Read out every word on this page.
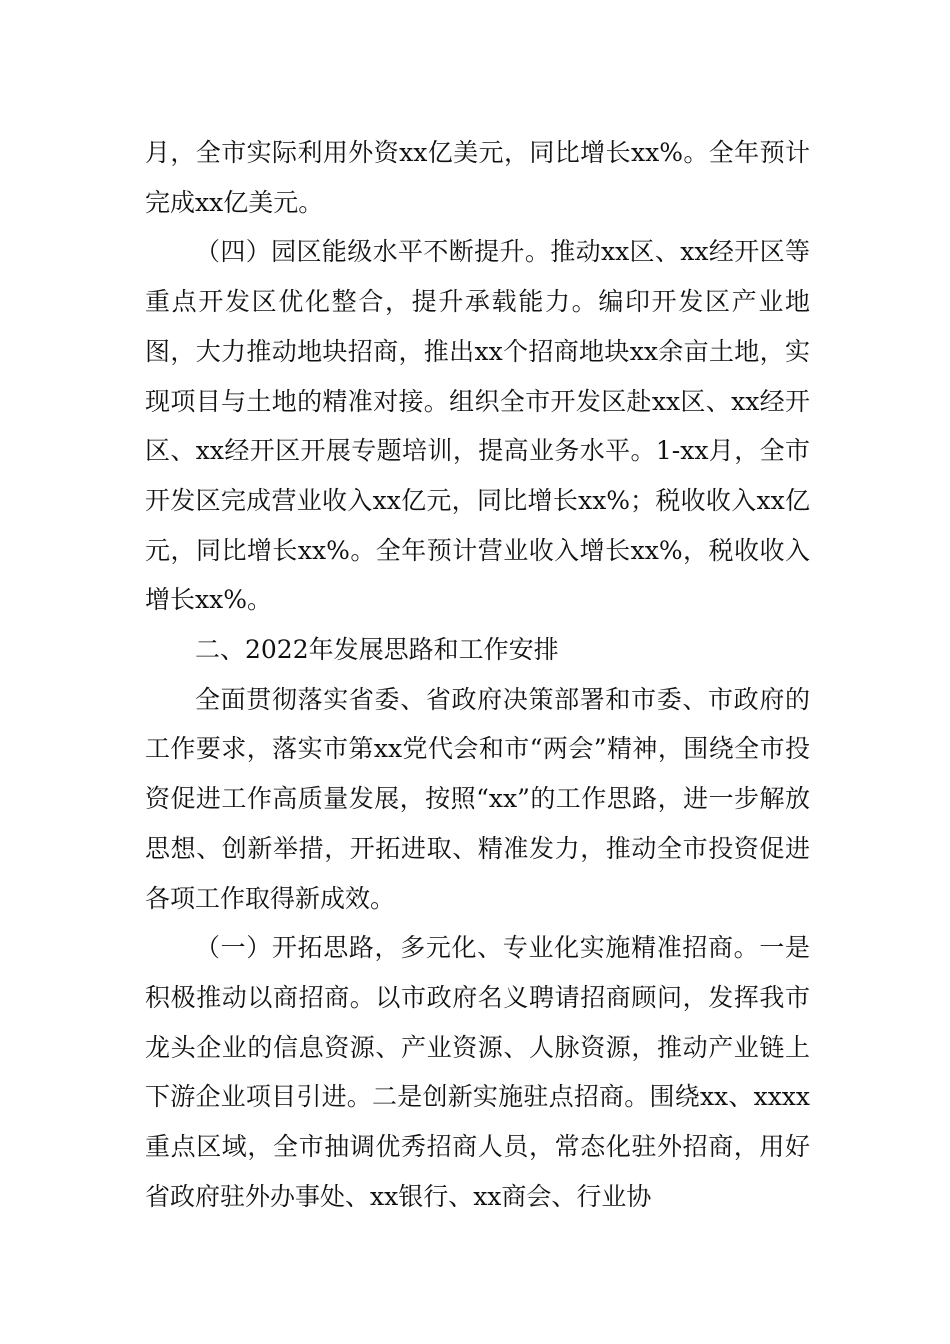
月，全市实际利用外资xx亿美元，同比增长xx%。全年预计完成xx亿美元。

（四）园区能级水平不断提升。推动xx区、xx经开区等重点开发区优化整合，提升承载能力。编印开发区产业地图，大力推动地块招商，推出xx个招商地块xx余亩土地，实现项目与土地的精准对接。组织全市开发区赴xx区、xx经开区、xx经开区开展专题培训，提高业务水平。1-xx月，全市开发区完成营业收入xx亿元，同比增长xx%；税收收入xx亿元，同比增长xx%。全年预计营业收入增长xx%，税收收入增长xx%。

二、2022年发展思路和工作安排

全面贯彻落实省委、省政府决策部署和市委、市政府的工作要求，落实市第xx党代会和市“两会”精神，围绕全市投资促进工作高质量发展，按照“xx”的工作思路，进一步解放思想、创新举措，开拓进取、精准发力，推动全市投资促进各项工作取得新成效。

（一）开拓思路，多元化、专业化实施精准招商。一是积极推动以商招商。以市政府名义聘请招商顾问，发挥我市龙头企业的信息资源、产业资源、人脉资源，推动产业链上下游企业项目引进。二是创新实施驻点招商。围绕xx、xxxx重点区域，全市抽调优秀招商人员，常态化驻外招商，用好省政府驻外办事处、xx银行、xx商会、行业协
